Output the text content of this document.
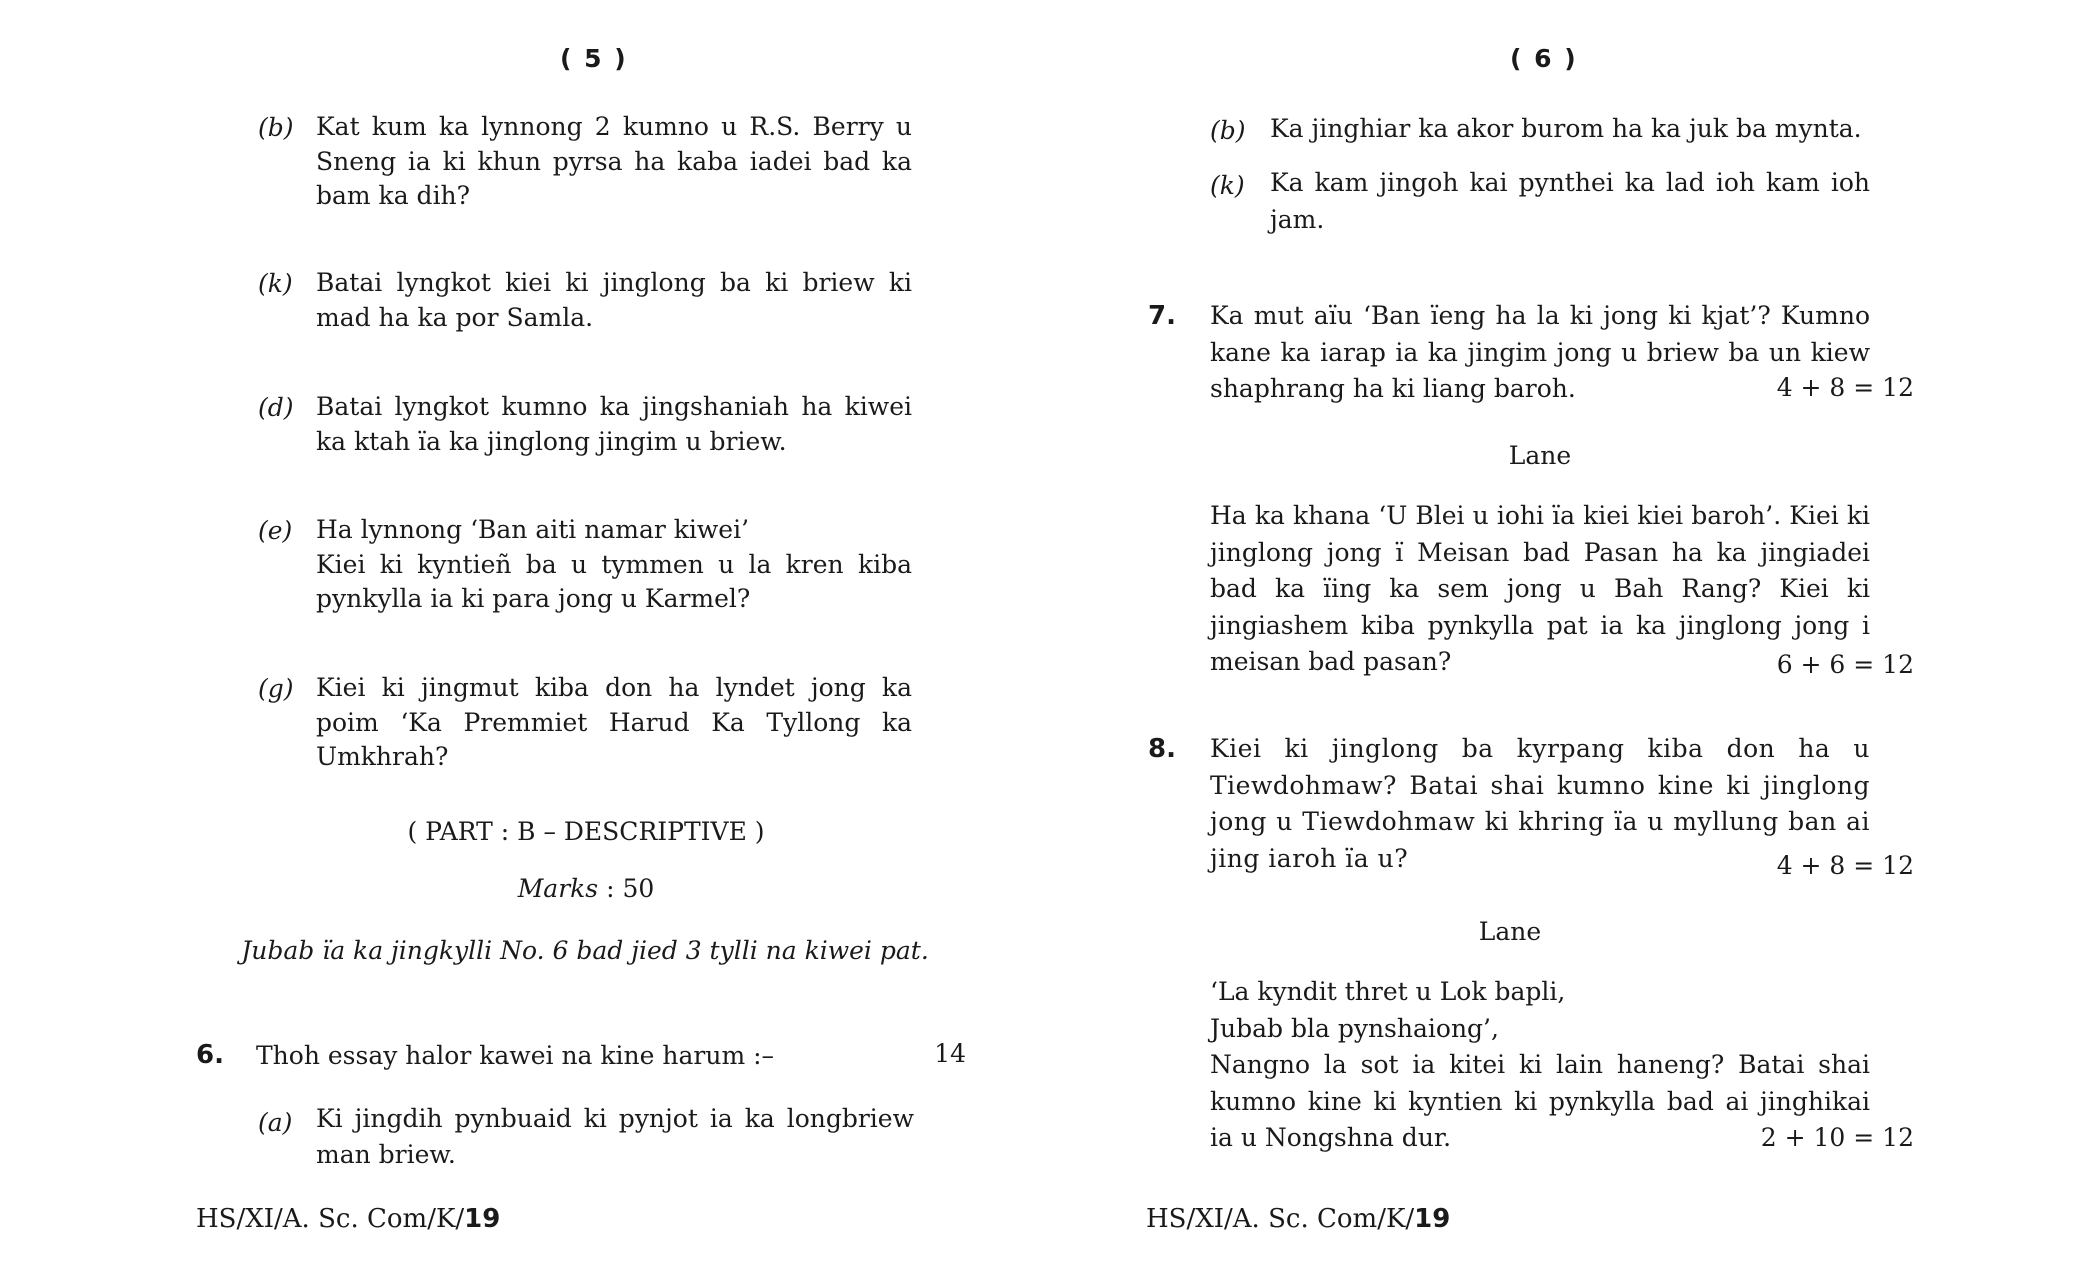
( 5 )
(b) Kat kum ka lynnong 2 kumno u R.S. Berry u Sneng ia ki khun pyrsa ha kaba iadei bad ka bam ka dih?
(k) Batai lyngkot kiei ki jinglong ba ki briew ki mad ha ka por Samla.
(d) Batai lyngkot kumno ka jingshaniah ha kiwei ka ktah ïa ka jinglong jingim u briew.
(e) Ha lynnong ‘Ban aiti namar kiwei’
Kiei ki kyntieñ ba u tymmen u la kren kiba pynkylla ia ki para jong u Karmel?
(g) Kiei ki jingmut kiba don ha lyndet jong ka poim ‘Ka Premmiet Harud Ka Tyllong ka Umkhrah?
( PART : B – DESCRIPTIVE )
Marks : 50
Jubab ïa ka jingkylli No. 6 bad jied 3 tylli na kiwei pat.
6. Thoh essay halor kawei na kine harum :–	14
(a) Ki jingdih pynbuaid ki pynjot ia ka longbriew man briew.
HS/XI/A. Sc. Com/K/19
( 6 )
(b) Ka jinghiar ka akor burom ha ka juk ba mynta.
(k) Ka kam jingoh kai pynthei ka lad ioh kam ioh jam.
7. Ka mut aïu ‘Ban ïeng ha la ki jong ki kjat’? Kumno kane ka iarap ia ka jingim jong u briew ba un kiew shaphrang ha ki liang baroh.	4 + 8 = 12
Lane
Ha ka khana ‘U Blei u iohi ïa kiei kiei baroh’. Kiei ki jinglong jong ï Meisan bad Pasan ha ka jingiadei bad ka ïing ka sem jong u Bah Rang? Kiei ki jingiashem kiba pynkylla pat ia ka jinglong jong i meisan bad pasan?	6 + 6 = 12
8. Kiei ki jinglong ba kyrpang kiba don ha u Tiewdohmaw? Batai shai kumno kine ki jinglong jong u Tiewdohmaw ki khring ïa u myllung ban ai jing iaroh ïa u?	4 + 8 = 12
Lane
‘La kyndit thret u Lok bapli,
Jubab bla pynshaiong’,
Nangno la sot ia kitei ki lain haneng? Batai shai kumno kine ki kyntien ki pynkylla bad ai jinghikai ia u Nongshna dur.	2 + 10 = 12
HS/XI/A. Sc. Com/K/19
